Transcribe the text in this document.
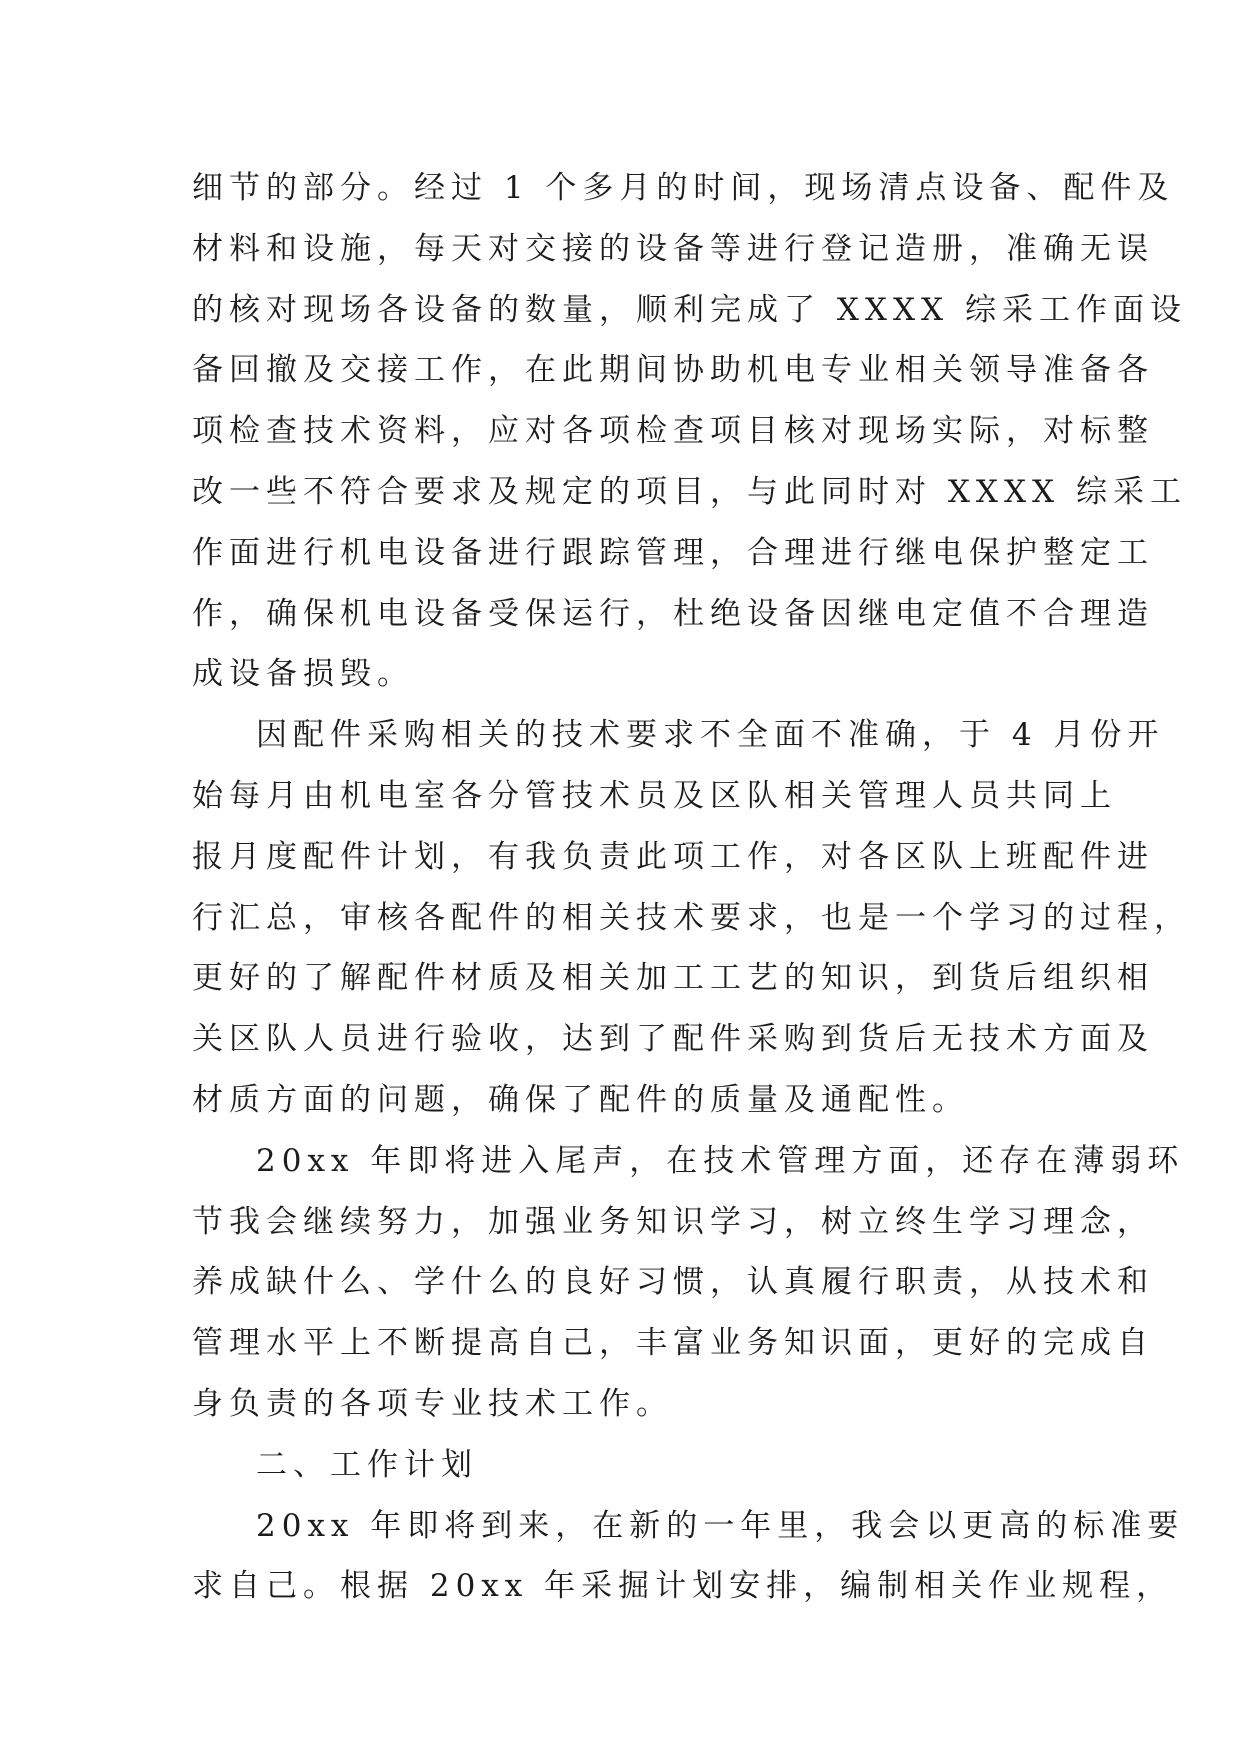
细节的部分。经过 1 个多月的时间，现场清点设备、配件及
材料和设施，每天对交接的设备等进行登记造册，准确无误
的核对现场各设备的数量，顺利完成了 XXXX 综采工作面设
备回撤及交接工作，在此期间协助机电专业相关领导准备各
项检查技术资料，应对各项检查项目核对现场实际，对标整
改一些不符合要求及规定的项目，与此同时对 XXXX 综采工
作面进行机电设备进行跟踪管理，合理进行继电保护整定工
作，确保机电设备受保运行，杜绝设备因继电定值不合理造
成设备损毁。
因配件采购相关的技术要求不全面不准确，于 4 月份开
始每月由机电室各分管技术员及区队相关管理人员共同上
报月度配件计划，有我负责此项工作，对各区队上班配件进
行汇总，审核各配件的相关技术要求，也是一个学习的过程，
更好的了解配件材质及相关加工工艺的知识，到货后组织相
关区队人员进行验收，达到了配件采购到货后无技术方面及
材质方面的问题，确保了配件的质量及通配性。
20xx 年即将进入尾声，在技术管理方面，还存在薄弱环
节我会继续努力，加强业务知识学习，树立终生学习理念，
养成缺什么、学什么的良好习惯，认真履行职责，从技术和
管理水平上不断提高自己，丰富业务知识面，更好的完成自
身负责的各项专业技术工作。
二、工作计划
20xx 年即将到来，在新的一年里，我会以更高的标准要
求自己。根据 20xx 年采掘计划安排，编制相关作业规程，
